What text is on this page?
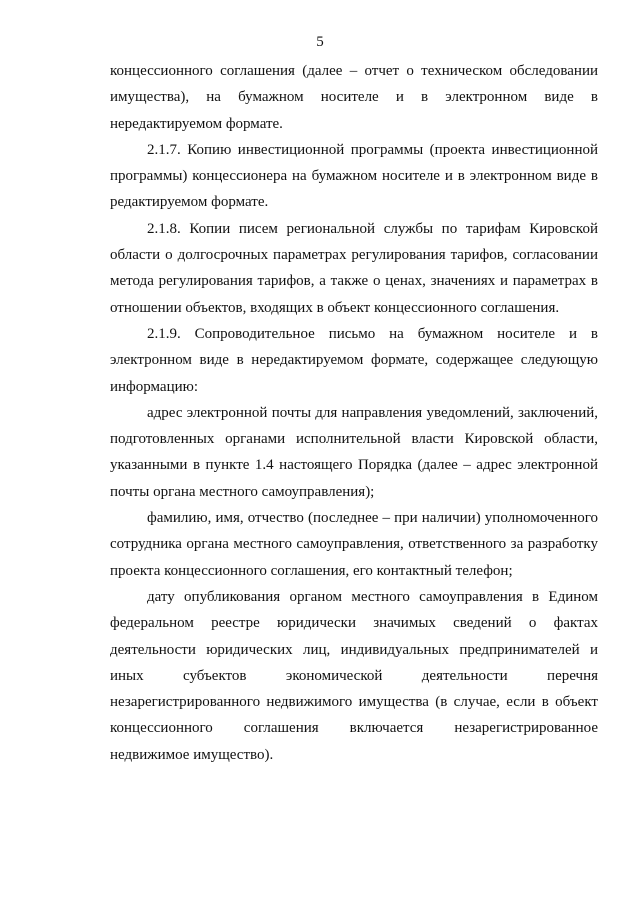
5

концессионного соглашения (далее – отчет о техническом обследовании имущества), на бумажном носителе и в электронном виде в нередактируемом формате.

2.1.7. Копию инвестиционной программы (проекта инвестиционной программы) концессионера на бумажном носителе и в электронном виде в редактируемом формате.

2.1.8. Копии писем региональной службы по тарифам Кировской области о долгосрочных параметрах регулирования тарифов, согласовании метода регулирования тарифов, а также о ценах, значениях и параметрах в отношении объектов, входящих в объект концессионного соглашения.

2.1.9. Сопроводительное письмо на бумажном носителе и в электронном виде в нередактируемом формате, содержащее следующую информацию:

адрес электронной почты для направления уведомлений, заключений, подготовленных органами исполнительной власти Кировской области, указанными в пункте 1.4 настоящего Порядка (далее – адрес электронной почты органа местного самоуправления);

фамилию, имя, отчество (последнее – при наличии) уполномоченного сотрудника органа местного самоуправления, ответственного за разработку проекта концессионного соглашения, его контактный телефон;

дату опубликования органом местного самоуправления в Едином федеральном реестре юридически значимых сведений о фактах деятельности юридических лиц, индивидуальных предпринимателей и иных субъектов экономической деятельности перечня незарегистрированного недвижимого имущества (в случае, если в объект концессионного соглашения включается незарегистрированное недвижимое имущество).
